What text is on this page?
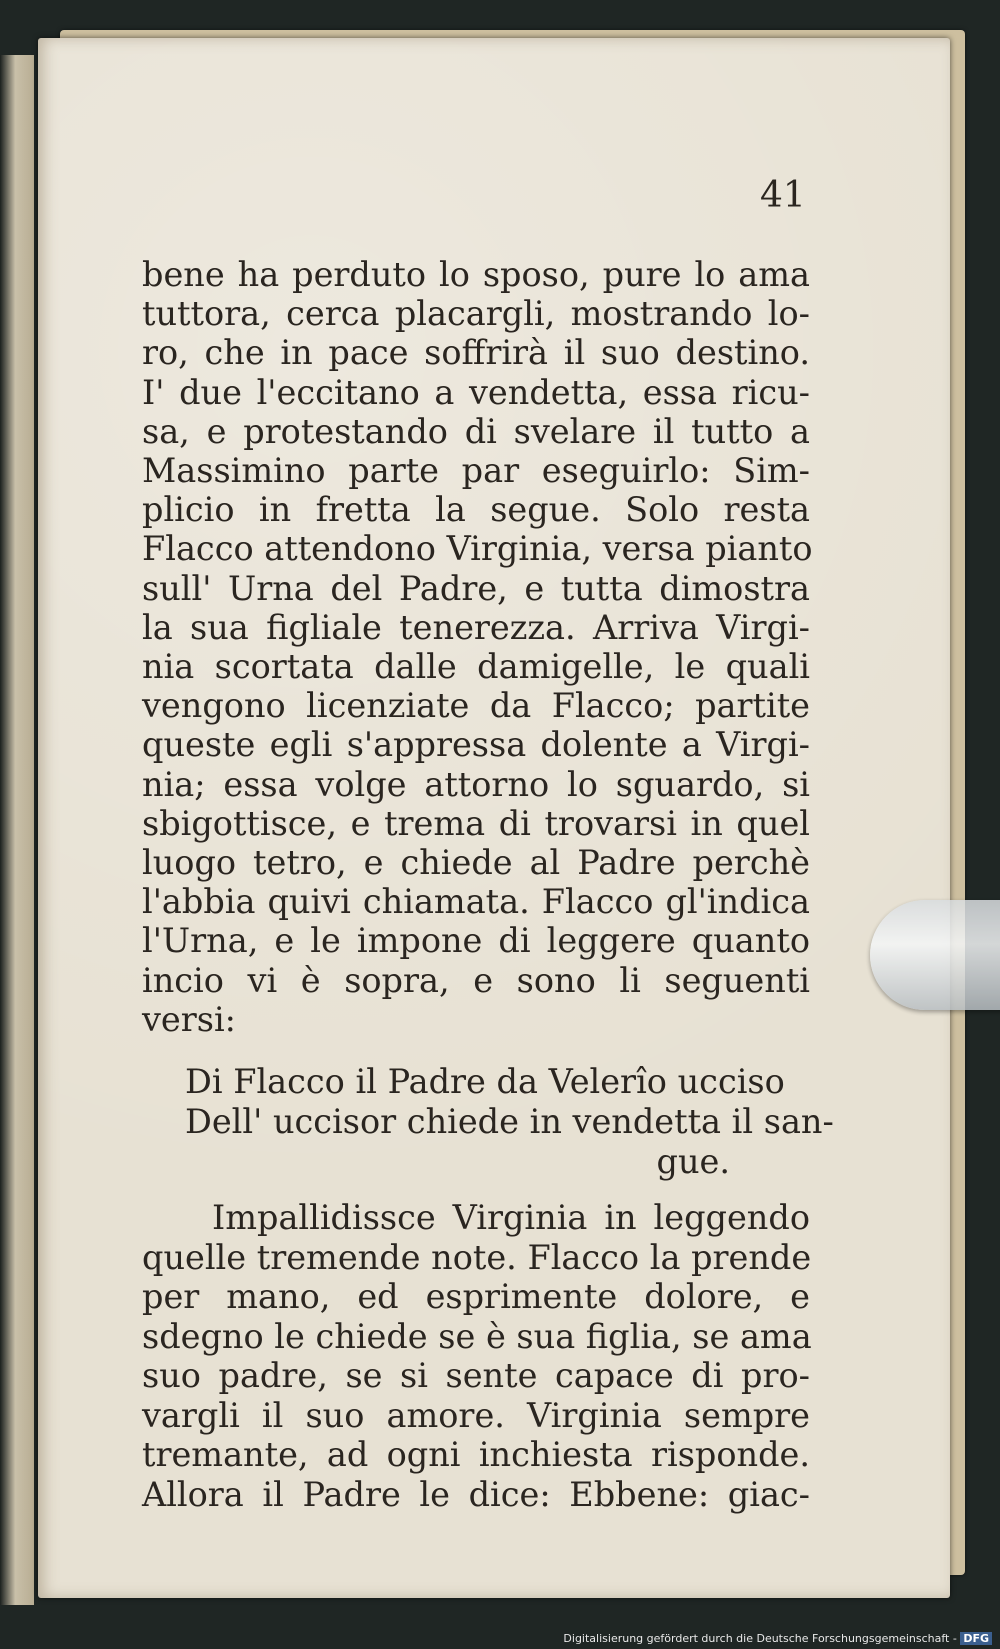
41
bene ha perduto lo sposo, pure lo ama
tuttora, cerca placargli, mostrando lo-
ro, che in pace soffrirà il suo destino.
I' due l'eccitano a vendetta, essa ricu-
sa, e protestando di svelare il tutto a
Massimino parte par eseguirlo: Sim-
plicio in fretta la segue. Solo resta
Flacco attendono Virginia, versa pianto
sull' Urna del Padre, e tutta dimostra
la sua figliale tenerezza. Arriva Virgi-
nia scortata dalle damigelle, le quali
vengono licenziate da Flacco; partite
queste egli s'appressa dolente a Virgi-
nia; essa volge attorno lo sguardo, si
sbigottisce, e trema di trovarsi in quel
luogo tetro, e chiede al Padre perchè
l'abbia quivi chiamata. Flacco gl'indica
l'Urna, e le impone di leggere quanto
incio vi è sopra, e sono li seguenti
versi:
Di Flacco il Padre da Velerîo ucciso
Dell' uccisor chiede in vendetta il san-
gue.
Impallidissce Virginia in leggendo
quelle tremende note. Flacco la prende
per mano, ed esprimente dolore, e
sdegno le chiede se è sua figlia, se ama
suo padre, se si sente capace di pro-
vargli il suo amore. Virginia sempre
tremante, ad ogni inchiesta risponde.
Allora il Padre le dice: Ebbene: giac-
Digitalisierung gefördert durch die Deutsche Forschungsgemeinschaft - DFG
